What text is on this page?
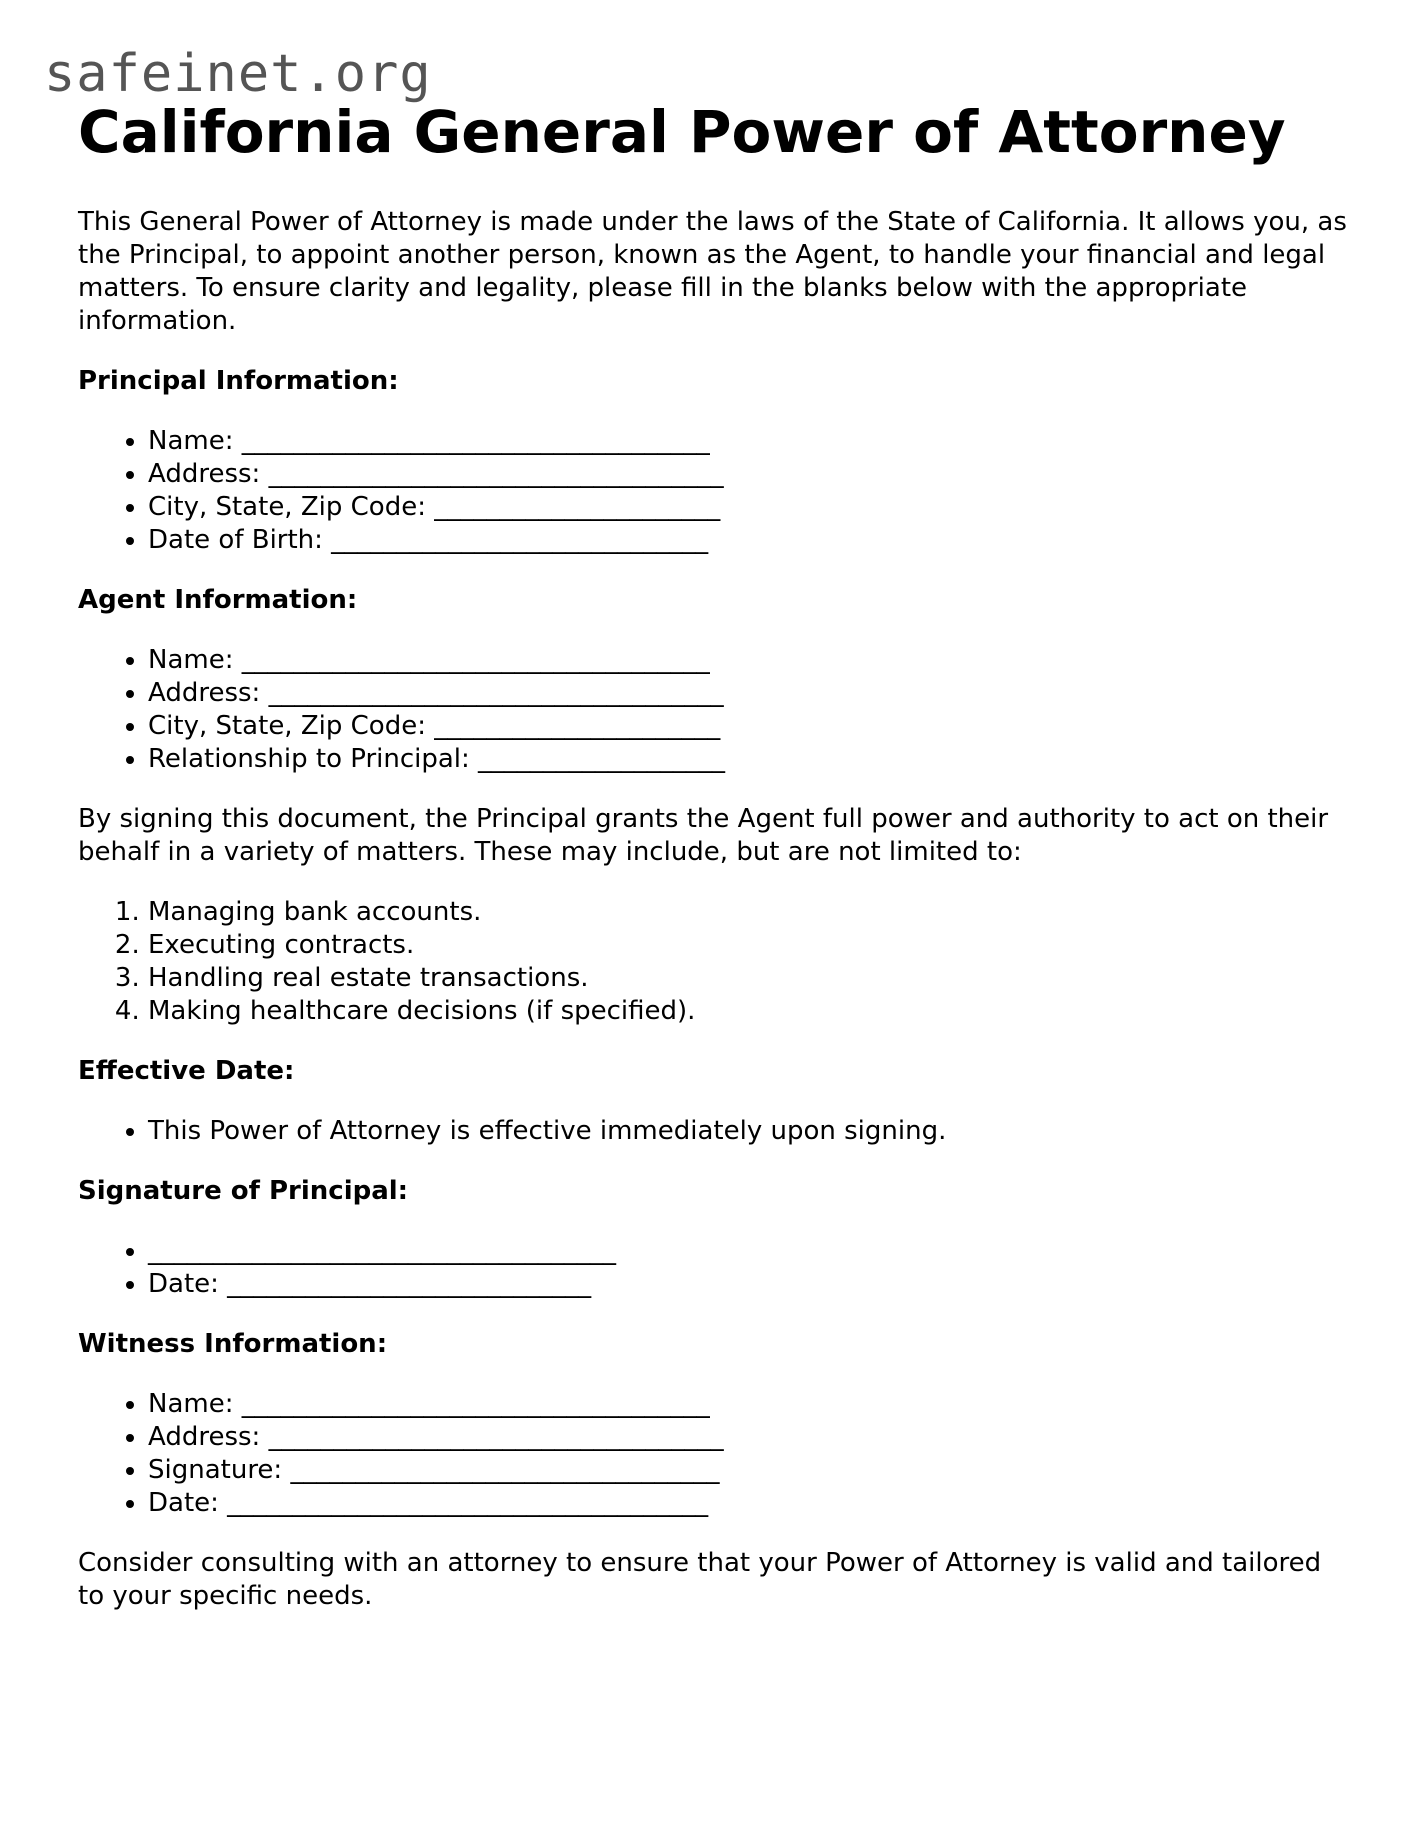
safeinet.org
California General Power of Attorney

This General Power of Attorney is made under the laws of the State of California. It allows you, as the Principal, to appoint another person, known as the Agent, to handle your financial and legal matters. To ensure clarity and legality, please fill in the blanks below with the appropriate information.

Principal Information:
• Name: ____________________________________
• Address: ___________________________________
• City, State, Zip Code: ______________________
• Date of Birth: _____________________________
Agent Information:
• Name: ____________________________________
• Address: ___________________________________
• City, State, Zip Code: ______________________
• Relationship to Principal: ___________________

By signing this document, the Principal grants the Agent full power and authority to act on their behalf in a variety of matters. These may include, but are not limited to:

1. Managing bank accounts.
2. Executing contracts.
3. Handling real estate transactions.
4. Making healthcare decisions (if specified).
Effective Date:
• This Power of Attorney is effective immediately upon signing.
Signature of Principal:
• ____________________________________
• Date: ____________________________
Witness Information:
• Name: ____________________________________
• Address: ___________________________________
• Signature: _________________________________
• Date: _____________________________________

Consider consulting with an attorney to ensure that your Power of Attorney is valid and tailored to your specific needs.
